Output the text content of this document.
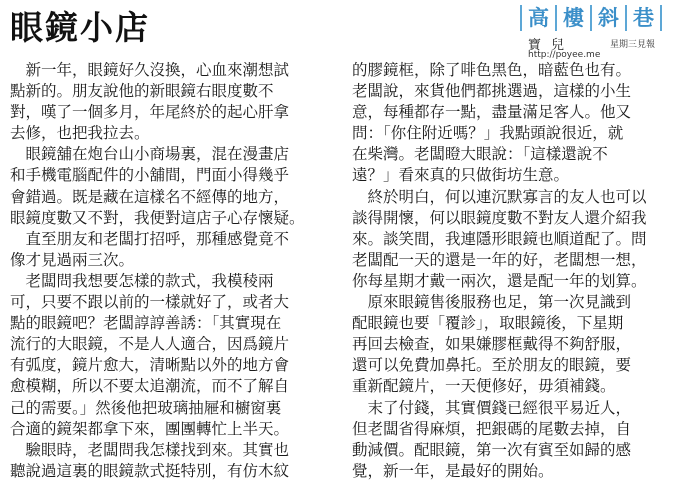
眼鏡小店	高 樓 斜 巷
寶兒	星期三見報
http://poyee.me
　新一年，眼鏡好久沒換，心血來潮想試
點新的。朋友說他的新眼鏡右眼度數不
對，嘆了一個多月，年尾終於的起心肝拿
去修，也把我拉去。
　眼鏡舖在炮台山小商場裏，混在漫畫店
和手機電腦配件的小舖間，門面小得幾乎
會錯過。既是藏在這樣名不經傳的地方，
眼鏡度數又不對，我便對這店子心存懷疑。
　直至朋友和老闆打招呼，那種感覺竟不
像才見過兩三次。
　老闆問我想要怎樣的款式，我模稜兩
可，只要不跟以前的一樣就好了，或者大
點的眼鏡吧？老闆諄諄善誘：「其實現在
流行的大眼鏡，不是人人適合，因爲鏡片
有弧度，鏡片愈大，清晰點以外的地方會
愈模糊，所以不要太追潮流，而不了解自
己的需要。」然後他把玻璃抽屜和櫥窗裏
合適的鏡架都拿下來，團團轉忙上半天。
　驗眼時，老闆問我怎樣找到來。其實也
聽說過這裏的眼鏡款式挺特別，有仿木紋
的膠鏡框，除了啡色黑色，暗藍色也有。
老闆說，來貨他們都挑選過，這樣的小生
意，每種都存一點，盡量滿足客人。他又
問：「你住附近嗎？」我點頭說很近，就
在柴灣。老闆瞪大眼說：「這樣還說不
遠？」看來真的只做街坊生意。
　終於明白，何以連沉默寡言的友人也可以
談得開懷，何以眼鏡度數不對友人還介紹我
來。談笑間，我連隱形眼鏡也順道配了。問
老闆配一天的還是一年的好，老闆想一想，
你每星期才戴一兩次，還是配一年的划算。
　原來眼鏡售後服務也足，第一次見識到
配眼鏡也要「覆診」，取眼鏡後，下星期
再回去檢查，如果嫌膠框戴得不夠舒服，
還可以免費加鼻托。至於朋友的眼鏡，要
重新配鏡片，一天便修好，毋須補錢。
　末了付錢，其實價錢已經很平易近人，
但老闆省得麻煩，把銀碼的尾數去掉，自
動減價。配眼鏡，第一次有賓至如歸的感
覺，新一年，是最好的開始。
